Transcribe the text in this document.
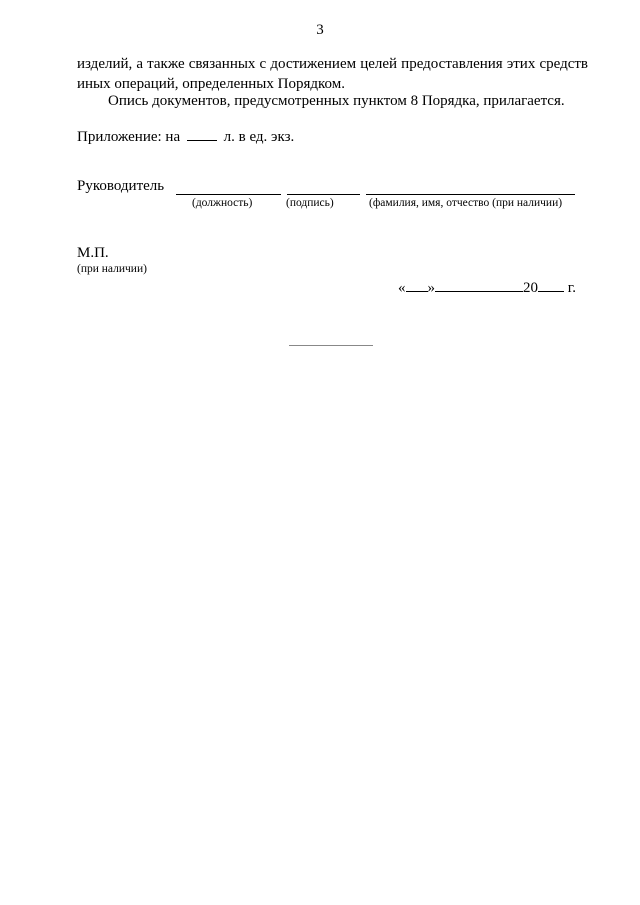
3
изделий, а также связанных с достижением целей предоставления этих средств
иных операций, определенных Порядком.
Опись документов, предусмотренных пунктом 8 Порядка, прилагается.
Приложение: на	л. в ед. экз.
Руководитель
(должность)	(подпись)	(фамилия, имя, отчество (при наличии)
М.П.
(при наличии)
« »	20 г.
